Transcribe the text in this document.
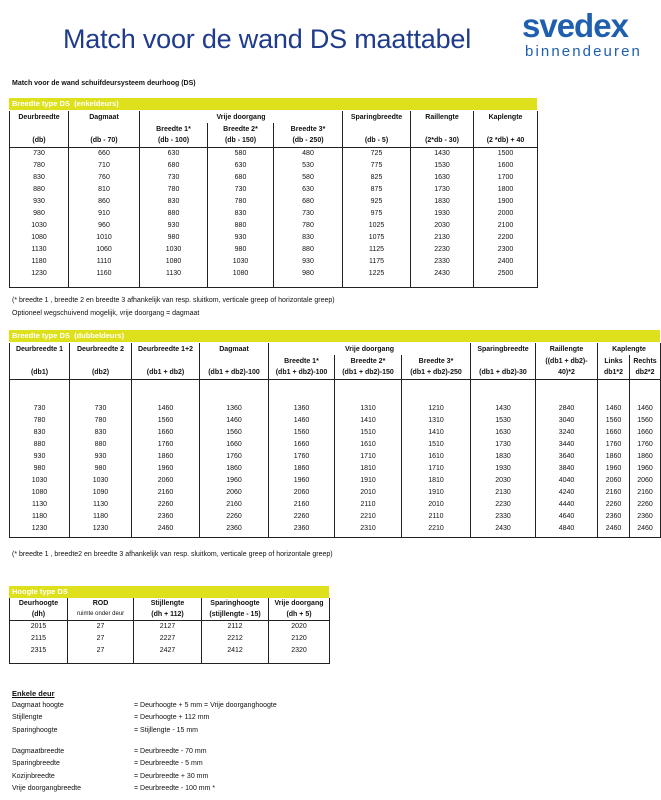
Match voor de wand DS maattabel svedex
binnendeuren
Match voor de wand schuifdeursysteem deurhoog (DS)
Breedte type DS  (enkeldeurs)
Deurbreedte	Dagmaat	Vrije doorgang			Sparingbreedte	Raillengte	Kaplengte
		Breedte 1*	Breedte 2*	Breedte 3*			
(db)	(db - 70)	(db - 100)	(db - 150)	(db - 250)	(db - 5)	(2*db - 30)	(2 *db) + 40
730	660	630	580	480	725	1430	1500
780	710	680	630	530	775	1530	1600
830	760	730	680	580	825	1630	1700
880	810	780	730	630	875	1730	1800
930	860	830	780	680	925	1830	1900
980	910	880	830	730	975	1930	2000
1030	960	930	880	780	1025	2030	2100
1080	1010	980	930	830	1075	2130	2200
1130	1060	1030	980	880	1125	2230	2300
1180	1110	1080	1030	930	1175	2330	2400
1230	1160	1130	1080	980	1225	2430	2500

(* breedte 1 , breedte 2 en breedte 3 afhankelijk van resp. sluitkom, verticale greep of horizontale greep)
Optioneel wegschuivend mogelijk, vrije doorgang = dagmaat
Breedte type DS  (dubbeldeurs)
Deurbreedte 1	Deurbreedte 2	Deurbreedte 1+2	Dagmaat	Vrije doorgang			Sparingbreedte	Raillengte	Kaplengte	
				Breedte 1*	Breedte 2*	Breedte 3*		((db1 + db2)-	Links	Rechts
(db1)	(db2)	(db1 + db2)	(db1 + db2)-100	(db1 + db2)-100	(db1 + db2)-150	(db1 + db2)-250	(db1 + db2)-30	40)*2	db1*2	db2*2

730	730	1460	1360	1360	1310	1210	1430	2840	1460	1460
780	780	1560	1460	1460	1410	1310	1530	3040	1560	1560
830	830	1660	1560	1560	1510	1410	1630	3240	1660	1660
880	880	1760	1660	1660	1610	1510	1730	3440	1760	1760
930	930	1860	1760	1760	1710	1610	1830	3640	1860	1860
980	980	1960	1860	1860	1810	1710	1930	3840	1960	1960
1030	1030	2060	1960	1960	1910	1810	2030	4040	2060	2060
1080	1090	2160	2060	2060	2010	1910	2130	4240	2160	2160
1130	1130	2260	2160	2160	2110	2010	2230	4440	2260	2260
1180	1180	2360	2260	2260	2210	2110	2330	4640	2360	2360
1230	1230	2460	2360	2360	2310	2210	2430	4840	2460	2460

(* breedte 1 , breedte2 en breedte 3 afhankelijk van resp. sluitkom, verticale greep of horizontale greep)
Hoogte type DS
Deurhoogte	ROD	Stijllengte	Sparinghoogte	Vrije doorgang
(dh)	ruimte onder deur	(dh + 112)	(stijllengte - 15)	(dh + 5)
2015	27	2127	2112	2020
2115	27	2227	2212	2120
2315	27	2427	2412	2320

Enkele deur
Dagmaat hoogte	= Deurhoogte + 5 mm = Vrije doorganghoogte
Stijllengte	= Deurhoogte + 112 mm
Sparinghoogte	= Stijllengte - 15 mm
Dagmaatbreedte	= Deurbreedte - 70 mm
Sparingbreedte	= Deurbreedte - 5 mm
Kozijnbreedte	= Deurbreedte + 30 mm
Vrije doorgangbreedte	= Deurbreedte - 100 mm *
